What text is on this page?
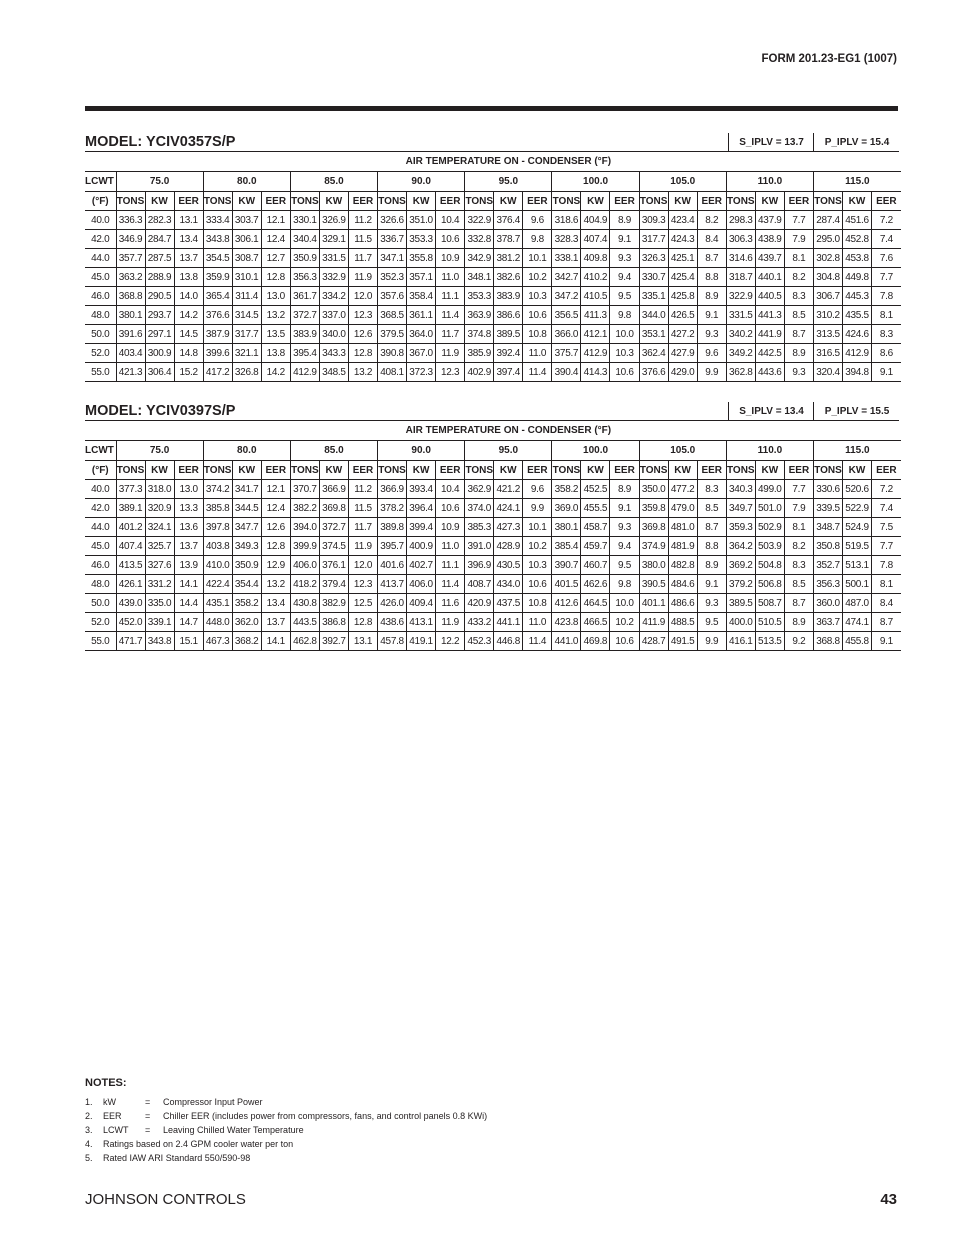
FORM 201.23-EG1 (1007)
MODEL: YCIV0357S/P	S_IPLV = 13.7	P_IPLV = 15.4
	AIR TEMPERATURE ON - CONDENSER (°F)																										
LCWT	75.0			80.0			85.0			90.0			95.0			100.0			105.0			110.0			115.0		
(°F)	TONS	KW	EER	TONS	KW	EER	TONS	KW	EER	TONS	KW	EER	TONS	KW	EER	TONS	KW	EER	TONS	KW	EER	TONS	KW	EER	TONS	KW	EER
40.0	336.3	282.3	13.1	333.4	303.7	12.1	330.1	326.9	11.2	326.6	351.0	10.4	322.9	376.4	9.6	318.6	404.9	8.9	309.3	423.4	8.2	298.3	437.9	7.7	287.4	451.6	7.2
42.0	346.9	284.7	13.4	343.8	306.1	12.4	340.4	329.1	11.5	336.7	353.3	10.6	332.8	378.7	9.8	328.3	407.4	9.1	317.7	424.3	8.4	306.3	438.9	7.9	295.0	452.8	7.4
44.0	357.7	287.5	13.7	354.5	308.7	12.7	350.9	331.5	11.7	347.1	355.8	10.9	342.9	381.2	10.1	338.1	409.8	9.3	326.3	425.1	8.7	314.6	439.7	8.1	302.8	453.8	7.6
45.0	363.2	288.9	13.8	359.9	310.1	12.8	356.3	332.9	11.9	352.3	357.1	11.0	348.1	382.6	10.2	342.7	410.2	9.4	330.7	425.4	8.8	318.7	440.1	8.2	304.8	449.8	7.7
46.0	368.8	290.5	14.0	365.4	311.4	13.0	361.7	334.2	12.0	357.6	358.4	11.1	353.3	383.9	10.3	347.2	410.5	9.5	335.1	425.8	8.9	322.9	440.5	8.3	306.7	445.3	7.8
48.0	380.1	293.7	14.2	376.6	314.5	13.2	372.7	337.0	12.3	368.5	361.1	11.4	363.9	386.6	10.6	356.5	411.3	9.8	344.0	426.5	9.1	331.5	441.3	8.5	310.2	435.5	8.1
50.0	391.6	297.1	14.5	387.9	317.7	13.5	383.9	340.0	12.6	379.5	364.0	11.7	374.8	389.5	10.8	366.0	412.1	10.0	353.1	427.2	9.3	340.2	441.9	8.7	313.5	424.6	8.3
52.0	403.4	300.9	14.8	399.6	321.1	13.8	395.4	343.3	12.8	390.8	367.0	11.9	385.9	392.4	11.0	375.7	412.9	10.3	362.4	427.9	9.6	349.2	442.5	8.9	316.5	412.9	8.6
55.0	421.3	306.4	15.2	417.2	326.8	14.2	412.9	348.5	13.2	408.1	372.3	12.3	402.9	397.4	11.4	390.4	414.3	10.6	376.6	429.0	9.9	362.8	443.6	9.3	320.4	394.8	9.1
MODEL: YCIV0397S/P	S_IPLV = 13.4	P_IPLV = 15.5
	AIR TEMPERATURE ON - CONDENSER (°F)																										
LCWT	75.0			80.0			85.0			90.0			95.0			100.0			105.0			110.0			115.0		
(°F)	TONS	KW	EER	TONS	KW	EER	TONS	KW	EER	TONS	KW	EER	TONS	KW	EER	TONS	KW	EER	TONS	KW	EER	TONS	KW	EER	TONS	KW	EER
40.0	377.3	318.0	13.0	374.2	341.7	12.1	370.7	366.9	11.2	366.9	393.4	10.4	362.9	421.2	9.6	358.2	452.5	8.9	350.0	477.2	8.3	340.3	499.0	7.7	330.6	520.6	7.2
42.0	389.1	320.9	13.3	385.8	344.5	12.4	382.2	369.8	11.5	378.2	396.4	10.6	374.0	424.1	9.9	369.0	455.5	9.1	359.8	479.0	8.5	349.7	501.0	7.9	339.5	522.9	7.4
44.0	401.2	324.1	13.6	397.8	347.7	12.6	394.0	372.7	11.7	389.8	399.4	10.9	385.3	427.3	10.1	380.1	458.7	9.3	369.8	481.0	8.7	359.3	502.9	8.1	348.7	524.9	7.5
45.0	407.4	325.7	13.7	403.8	349.3	12.8	399.9	374.5	11.9	395.7	400.9	11.0	391.0	428.9	10.2	385.4	459.7	9.4	374.9	481.9	8.8	364.2	503.9	8.2	350.8	519.5	7.7
46.0	413.5	327.6	13.9	410.0	350.9	12.9	406.0	376.1	12.0	401.6	402.7	11.1	396.9	430.5	10.3	390.7	460.7	9.5	380.0	482.8	8.9	369.2	504.8	8.3	352.7	513.1	7.8
48.0	426.1	331.2	14.1	422.4	354.4	13.2	418.2	379.4	12.3	413.7	406.0	11.4	408.7	434.0	10.6	401.5	462.6	9.8	390.5	484.6	9.1	379.2	506.8	8.5	356.3	500.1	8.1
50.0	439.0	335.0	14.4	435.1	358.2	13.4	430.8	382.9	12.5	426.0	409.4	11.6	420.9	437.5	10.8	412.6	464.5	10.0	401.1	486.6	9.3	389.5	508.7	8.7	360.0	487.0	8.4
52.0	452.0	339.1	14.7	448.0	362.0	13.7	443.5	386.8	12.8	438.6	413.1	11.9	433.2	441.1	11.0	423.8	466.5	10.2	411.9	488.5	9.5	400.0	510.5	8.9	363.7	474.1	8.7
55.0	471.7	343.8	15.1	467.3	368.2	14.1	462.8	392.7	13.1	457.8	419.1	12.2	452.3	446.8	11.4	441.0	469.8	10.6	428.7	491.5	9.9	416.1	513.5	9.2	368.8	455.8	9.1
NOTES:
1. kW	= Compressor Input Power
2. EER	= Chiller EER (includes power from compressors, fans, and control panels 0.8 KWi)
3. LCWT = Leaving Chilled Water Temperature
4. Ratings based on 2.4 GPM cooler water per ton
5. Rated IAW ARI Standard 550/590-98
JOHNSON CONTROLS	43
